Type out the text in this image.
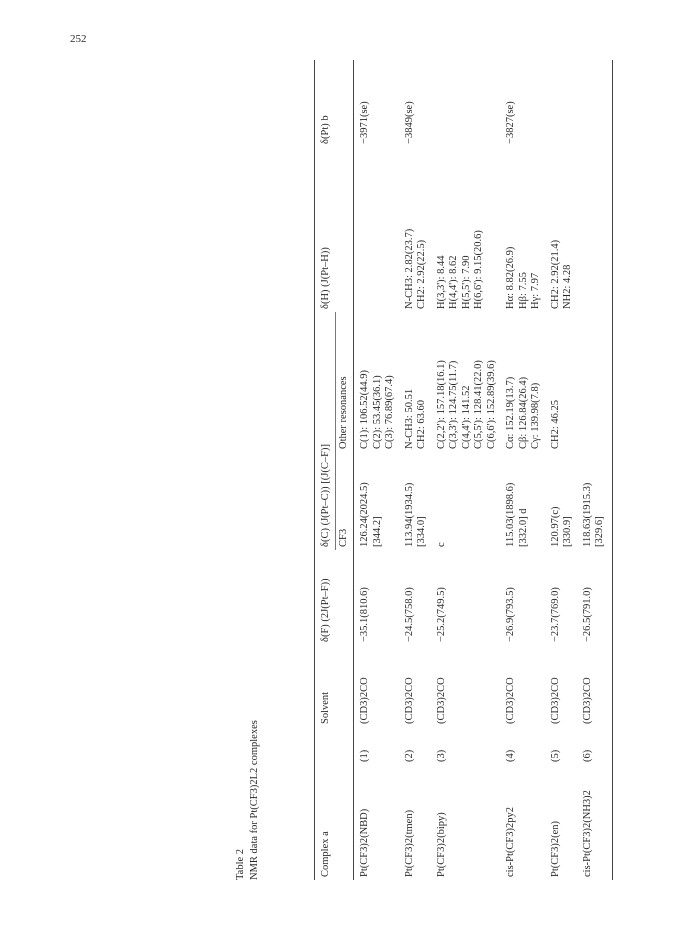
252
Table 2 NMR data for Pt(CF3)2L2 complexes	Complex a		Solvent	δ(F) (2J(Pt–F))	δ(C) (J(Pt–C)) [(J(C–F)]		δ(H) (J(Pt–H))	δ(Pt) b
				CF3	Other resonances		
Pt(CF3)2(NBD)	(1)	(CD3)2CO	−35.1(810.6)	126.24(2024.5) [344.2]	C(1): 106.52(44.9) C(2): 53.45(36.1) C(3): 76.89(67.4)		−3971(se)
Pt(CF3)2(tmen)	(2)	(CD3)2CO	−24.5(758.0)	113.94(1934.5) [334.0]	N-CH3: 50.51 CH2: 63.60	N-CH3: 2.82(23.7) CH2: 2.92(22.5)	−3849(se)
Pt(CF3)2(bipy)	(3)	(CD3)2CO	−25.2(749.5)	c	C(2,2'): 157.18(16.1) C(3,3'): 124.75(11.7) C(4,4'): 141.52 C(5,5'): 128.41(22.0) C(6,6'): 152.89(39.6)	H(3,3'): 8.44 H(4,4'): 8.62 H(5,5'): 7.90 H(6,6'): 9.15(20.6)	

cis-Pt(CF3)2py2	(4)	(CD3)2CO	−26.9(793.5)	115.03(1898.6) [332.0] d	Cα: 152.19(13.7) Cβ: 126.84(26.4) Cγ: 139.98(7.8)	Hα: 8.82(26.9) Hβ: 7.55 Hγ: 7.97	−3827(se)
Pt(CF3)2(en)	(5)	(CD3)2CO	−23.7(769.0)	120.97(c) [330.9]	CH2: 46.25	CH2: 2.92(21.4) NH2: 4.28	

cis-Pt(CF3)2(NH3)2	(6)	(CD3)2CO	−26.5(791.0)	118.63(1915.3) [329.6]			
